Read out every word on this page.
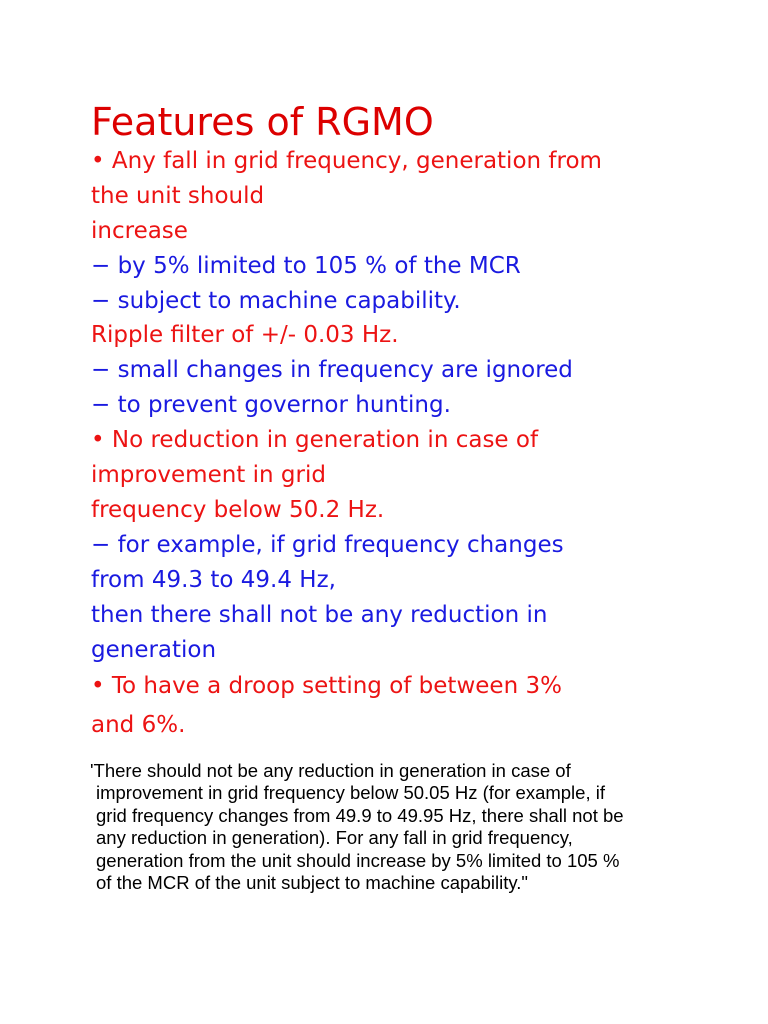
Features of RGMO
• Any fall in grid frequency, generation from
the unit should
increase
− by 5% limited to 105 % of the MCR
− subject to machine capability.
Ripple filter of +/- 0.03 Hz.
− small changes in frequency are ignored
− to prevent governor hunting.
• No reduction in generation in case of
improvement in grid
frequency below 50.2 Hz.
− for example, if grid frequency changes
from 49.3 to 49.4 Hz,
then there shall not be any reduction in
generation
• To have a droop setting of between 3%
and 6%.
'There should not be any reduction in generation in case of
improvement in grid frequency below 50.05 Hz (for example, if
grid frequency changes from 49.9 to 49.95 Hz, there shall not be
any reduction in generation). For any fall in grid frequency,
generation from the unit should increase by 5% limited to 105 %
of the MCR of the unit subject to machine capability."
